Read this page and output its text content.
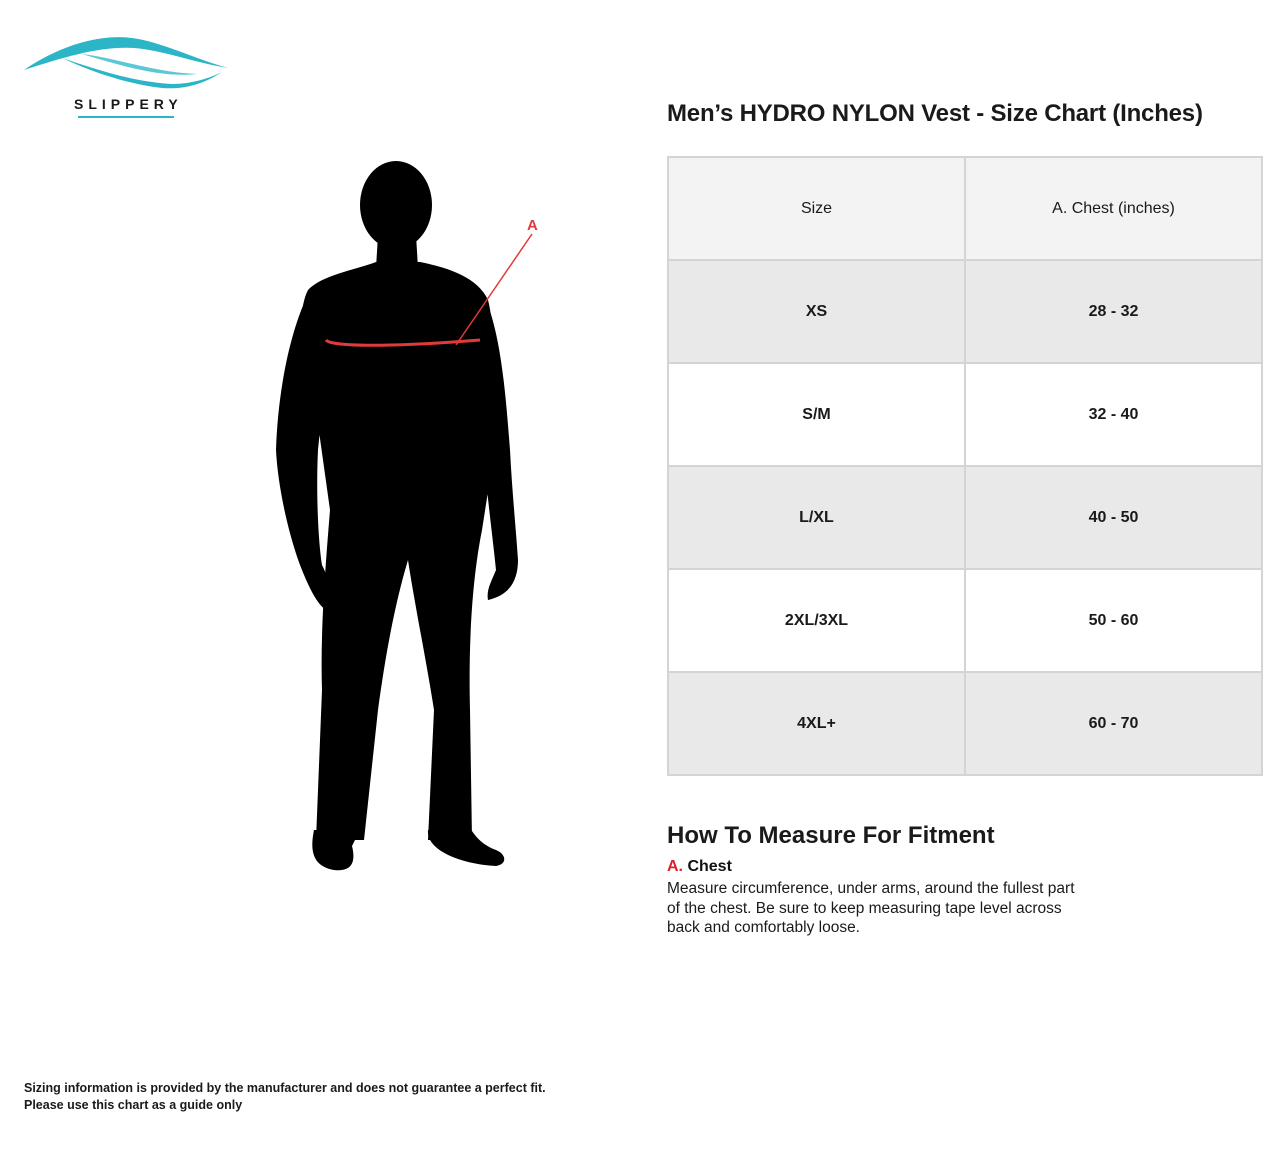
SLIPPERY
A
Men’s HYDRO NYLON Vest - Size Chart (Inches)
Size	A. Chest (inches)
XS	28 - 32
S/M	32 - 40
L/XL	40 - 50
2XL/3XL	50 - 60
4XL+	60 - 70
How To Measure For Fitment
A. Chest
Measure circumference, under arms, around the fullest part of the chest. Be sure to keep measuring tape level across back and comfortably loose.
Sizing information is provided by the manufacturer and does not guarantee a perfect fit.
Please use this chart as a guide only
